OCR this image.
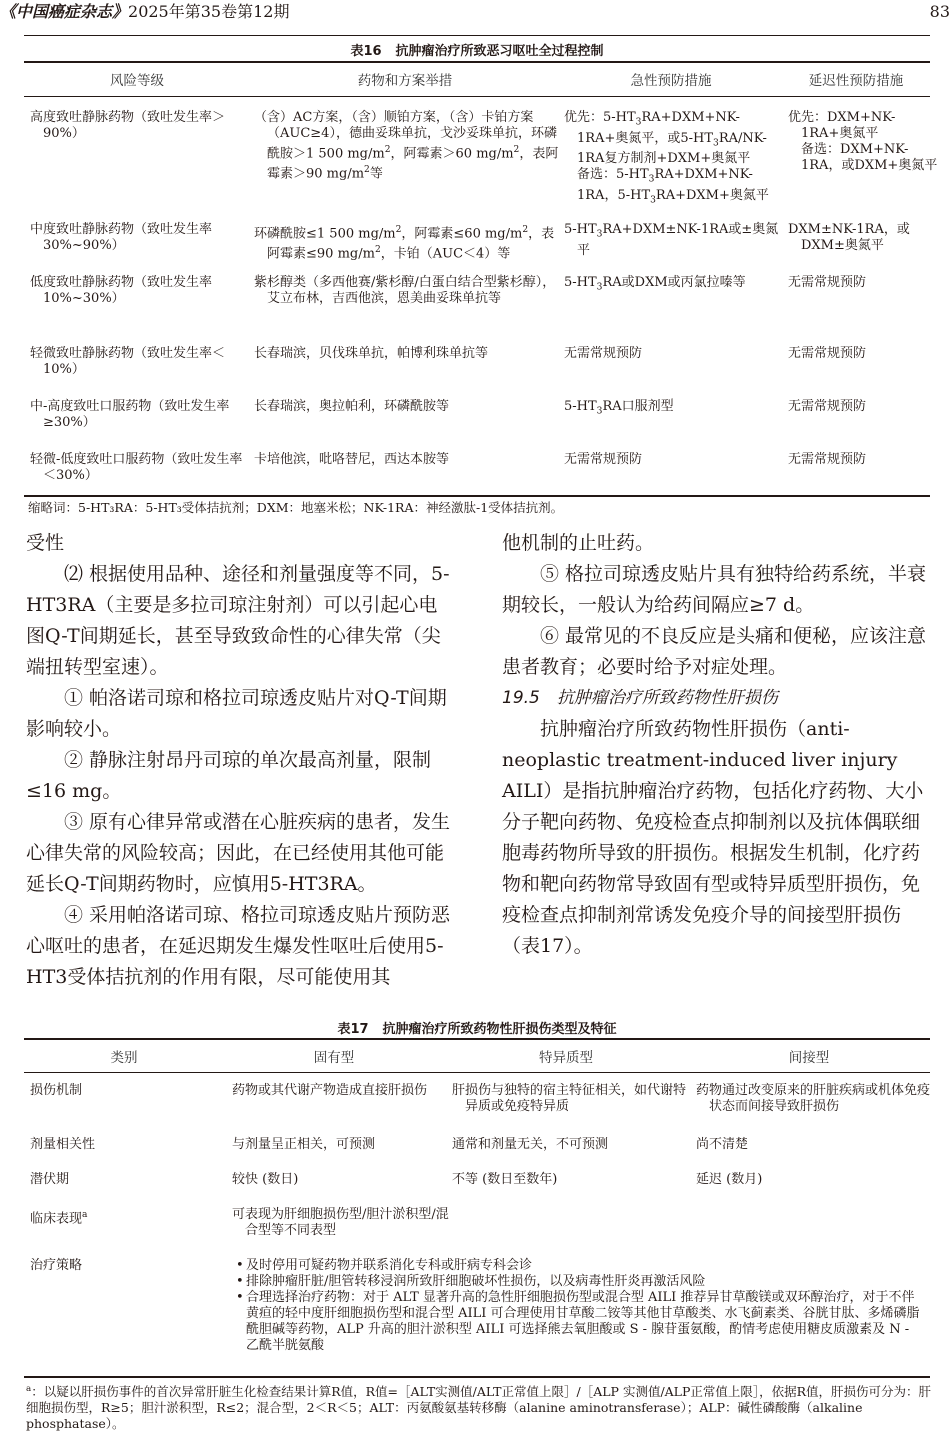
《中国癌症杂志》2025年第35卷第12期	83
表16 抗肿瘤治疗所致恶习呕吐全过程控制
风险等级	药物和方案举措	急性预防措施	延迟性预防措施
高度致吐静脉药物（致吐发生率＞90%）
（含）AC方案，（含）顺铂方案，（含）卡铂方案（AUC≥4），德曲妥珠单抗，戈沙妥珠单抗，环磷酰胺＞1 500 $mg/m^2$，阿霉素＞60 $mg/m^2$，表阿霉素＞90 $mg/m^2$等
优先：$5-HT_3RA+DXM+NK-1RA+$奥氮平，或$5-HT_3RA/NK-1RA$复方制剂+DXM+奥氮平
备选：$5-HT_3RA+DXM+NK-1RA$，$5-HT_3RA+DXM+$奥氮平
优先：DXM+NK-1RA+奥氮平
备选：DXM+NK-1RA，或DXM+奥氮平
中度致吐静脉药物（致吐发生率30%~90%）
环磷酰胺≤1 500 $mg/m^2$，阿霉素≤60 $mg/m^2$，表阿霉素≤90 $mg/m^2$，卡铂（AUC＜4）等
$5-HT_3RA+DXM\pm NK-1RA$或±奥氮平
DXM±NK-1RA，或DXM±奥氮平
低度致吐静脉药物（致吐发生率10%~30%）
紫杉醇类（多西他赛/紫杉醇/白蛋白结合型紫杉醇），艾立布林，吉西他滨，恩美曲妥珠单抗等
$5-HT_3RA$或DXM或丙氯拉嗪等	无需常规预防
轻微致吐静脉药物（致吐发生率＜10%）
长春瑞滨，贝伐珠单抗，帕博利珠单抗等	无需常规预防	无需常规预防
中-高度致吐口服药物（致吐发生率≥30%）
长春瑞滨，奥拉帕利，环磷酰胺等	$5-HT_3RA$口服剂型	无需常规预防
轻微-低度致吐口服药物（致吐发生率＜30%）
卡培他滨，吡咯替尼，西达本胺等	无需常规预防	无需常规预防
缩略词：5-HT₃RA：5-HT₃受体拮抗剂；DXM：地塞米松；NK-1RA：神经激肽-1受体拮抗剂。

受性

⑵ 根据使用品种、途径和剂量强度等不同，5-HT3RA（主要是多拉司琼注射剂）可以引起心电图Q-T间期延长，甚至导致致命性的心律失常（尖端扭转型室速）。

① 帕洛诺司琼和格拉司琼透皮贴片对Q-T间期影响较小。

② 静脉注射昂丹司琼的单次最高剂量，限制≤16 mg。

③ 原有心律异常或潜在心脏疾病的患者，发生心律失常的风险较高；因此，在已经使用其他可能延长Q-T间期药物时，应慎用5-HT3RA。

④ 采用帕洛诺司琼、格拉司琼透皮贴片预防恶心呕吐的患者，在延迟期发生爆发性呕吐后使用5-HT3受体拮抗剂的作用有限，尽可能使用其

他机制的止吐药。

⑤ 格拉司琼透皮贴片具有独特给药系统，半衰期较长，一般认为给药间隔应≥7 d。

⑥ 最常见的不良反应是头痛和便秘，应该注意患者教育；必要时给予对症处理。

19.5　抗肿瘤治疗所致药物性肝损伤

抗肿瘤治疗所致药物性肝损伤（anti-neoplastic treatment-induced liver injury AILI）是指抗肿瘤治疗药物，包括化疗药物、大小分子靶向药物、免疫检查点抑制剂以及抗体偶联细胞毒药物所导致的肝损伤。根据发生机制，化疗药物和靶向药物常导致固有型或特异质型肝损伤，免疫检查点抑制剂常诱发免疫介导的间接型肝损伤（表17）。

表17 抗肿瘤治疗所致药物性肝损伤类型及特征
类别	固有型	特异质型	间接型
损伤机制	药物或其代谢产物造成直接肝损伤	肝损伤与独特的宿主特征相关，如代谢特异质或免疫特异质
药物通过改变原来的肝脏疾病或机体免疫状态而间接导致肝损伤
剂量相关性	与剂量呈正相关，可预测	通常和剂量无关，不可预测	尚不清楚
潜伏期	较快 (数日)	不等 (数日至数年)	延迟 (数月)
临床表现$^a$	可表现为肝细胞损伤型/胆汁淤积型/混合型等不同表型
治疗策略
•	及时停用可疑药物并联系消化专科或肝病专科会诊
• 排除肿瘤肝脏/胆管转移浸润所致肝细胞破坏性损伤，以及病毒性肝炎再激活风险
• 合理选择治疗药物：对于 ALT 显著升高的急性肝细胞损伤型或混合型 AILI 推荐异甘草酸镁或双环醇治疗，对于不伴黄疸的轻中度肝细胞损伤型和混合型 AILI 可合理使用甘草酸二铵等其他甘草酸类、水飞蓟素类、谷胱甘肽、多烯磷脂酰胆碱等药物，ALP 升高的胆汁淤积型 AILI 可选择熊去氧胆酸或 S - 腺苷蛋氨酸，酌情考虑使用糖皮质激素及 N - 乙酰半胱氨酸
$^a$：以疑以肝损伤事件的首次异常肝脏生化检查结果计算R值，R值=［ALT实测值/ALT正常值上限］/［ALP 实测值/ALP正常值上限］，依据R值，肝损伤可分为：肝细胞损伤型，R≥5；胆汁淤积型，R≤2；混合型，2＜R＜5；ALT：丙氨酸氨基转移酶（alanine aminotransferase）；ALP：碱性磷酸酶（alkaline phosphatase）。
